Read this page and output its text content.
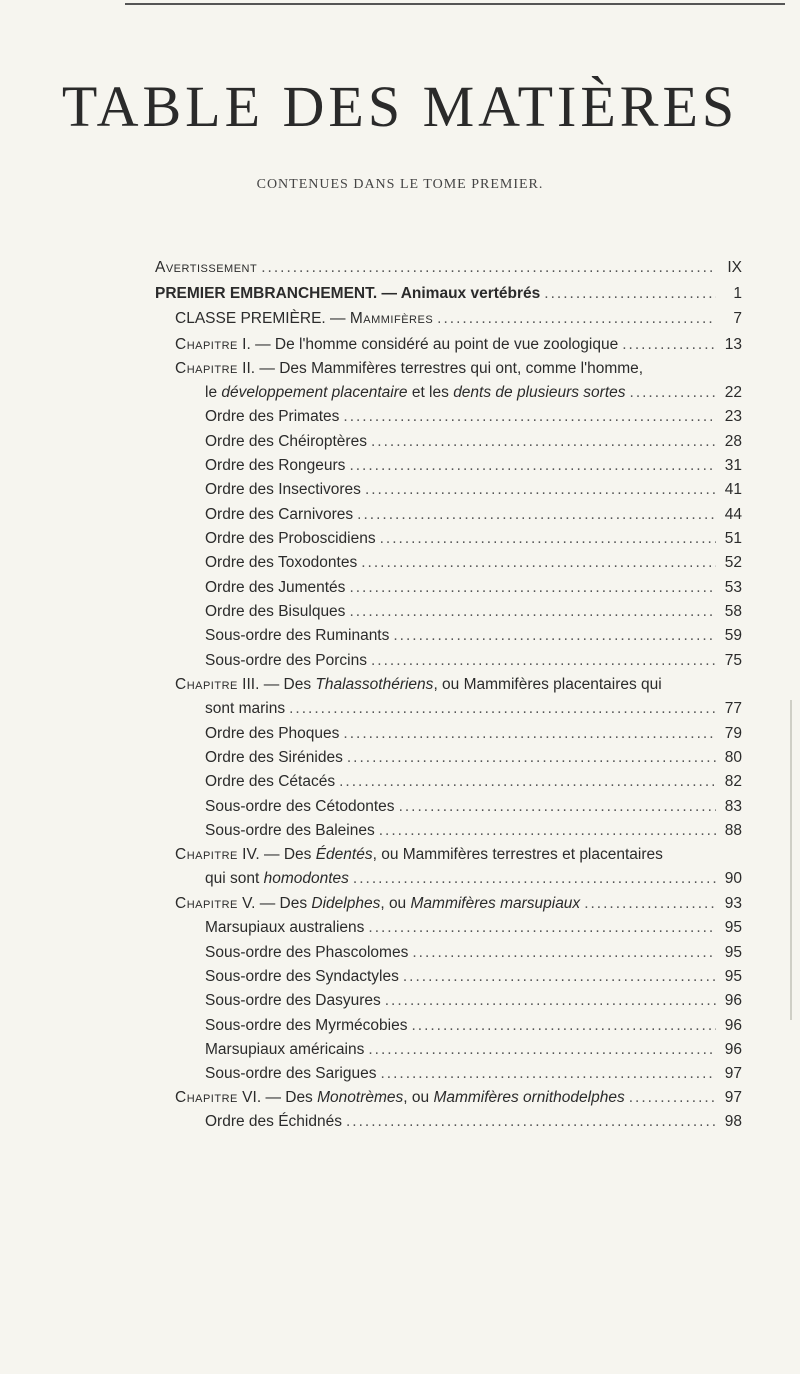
TABLE DES MATIÈRES
CONTENUES DANS LE TOME PREMIER.
Avertissement .....	IX
PREMIER EMBRANCHEMENT. — Animaux vertébrés .....	1
CLASSE PREMIÈRE. — Mammifères .....	7
Chapitre I. — De l'homme considéré au point de vue zoologique .....	13
Chapitre II. — Des Mammifères terrestres qui ont, comme l'homme,
le développement placentaire et les dents de plusieurs sortes .....	22
Ordre des Primates .....	23
Ordre des Chéiroptères .....	28
Ordre des Rongeurs .....	31
Ordre des Insectivores .....	41
Ordre des Carnivores .....	44
Ordre des Proboscidiens .....	51
Ordre des Toxodontes .....	52
Ordre des Jumentés .....	53
Ordre des Bisulques .....	58
Sous-ordre des Ruminants .....	59
Sous-ordre des Porcins .....	75
Chapitre III. — Des Thalassothériens, ou Mammifères placentaires qui
sont marins .....	77
Ordre des Phoques .....	79
Ordre des Sirénides .....	80
Ordre des Cétacés .....	82
Sous-ordre des Cétodontes .....	83
Sous-ordre des Baleines .....	88
Chapitre IV. — Des Édentés, ou Mammifères terrestres et placentaires
qui sont homodontes .....	90
Chapitre V. — Des Didelphes, ou Mammifères marsupiaux .....	93
Marsupiaux australiens .....	95
Sous-ordre des Phascolomes .....	95
Sous-ordre des Syndactyles .....	95
Sous-ordre des Dasyures .....	96
Sous-ordre des Myrmécobies .....	96
Marsupiaux américains .....	96
Sous-ordre des Sarigues .....	97
Chapitre VI. — Des Monotrèmes, ou Mammifères ornithodelphes .....	97
Ordre des Échidnés .....	98
